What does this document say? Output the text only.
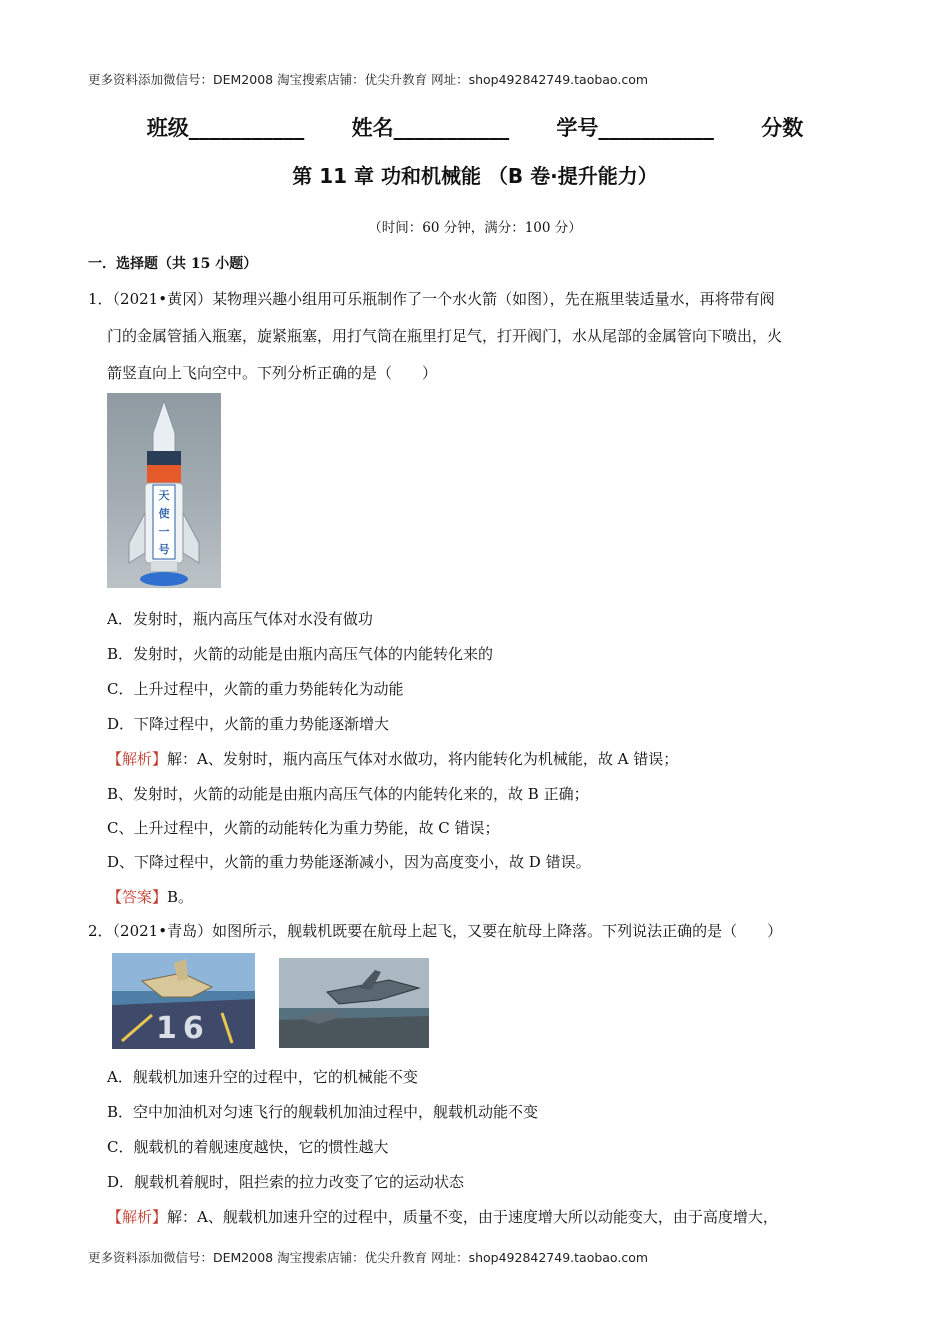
更多资料添加微信号：DEM2008 淘宝搜索店铺：优尖升教育 网址：shop492842749.taobao.com
班级___________ 姓名___________ 学号___________ 分数
第 11 章 功和机械能 （B 卷·提升能力）
（时间：60 分钟，满分：100 分）
一．选择题（共 15 小题）
1．（2021•黄冈）某物理兴趣小组用可乐瓶制作了一个水火箭（如图），先在瓶里装适量水，再将带有阀
门的金属管插入瓶塞，旋紧瓶塞，用打气筒在瓶里打足气，打开阀门，水从尾部的金属管向下喷出，火
箭竖直向上飞向空中。下列分析正确的是（　　）
天
使
一
号
A．发射时，瓶内高压气体对水没有做功
B．发射时，火箭的动能是由瓶内高压气体的内能转化来的
C．上升过程中，火箭的重力势能转化为动能
D．下降过程中，火箭的重力势能逐渐增大
【解析】解：A、发射时，瓶内高压气体对水做功，将内能转化为机械能，故 A 错误；
B、发射时，火箭的动能是由瓶内高压气体的内能转化来的，故 B 正确；
C、上升过程中，火箭的动能转化为重力势能，故 C 错误；
D、下降过程中，火箭的重力势能逐渐减小，因为高度变小，故 D 错误。
【答案】B。
2．（2021•青岛）如图所示，舰载机既要在航母上起飞，又要在航母上降落。下列说法正确的是（　　）
16
A．舰载机加速升空的过程中，它的机械能不变
B．空中加油机对匀速飞行的舰载机加油过程中，舰载机动能不变
C．舰载机的着舰速度越快，它的惯性越大
D．舰载机着舰时，阻拦索的拉力改变了它的运动状态
【解析】解：A、舰载机加速升空的过程中，质量不变，由于速度增大所以动能变大，由于高度增大，
更多资料添加微信号：DEM2008 淘宝搜索店铺：优尖升教育 网址：shop492842749.taobao.com
